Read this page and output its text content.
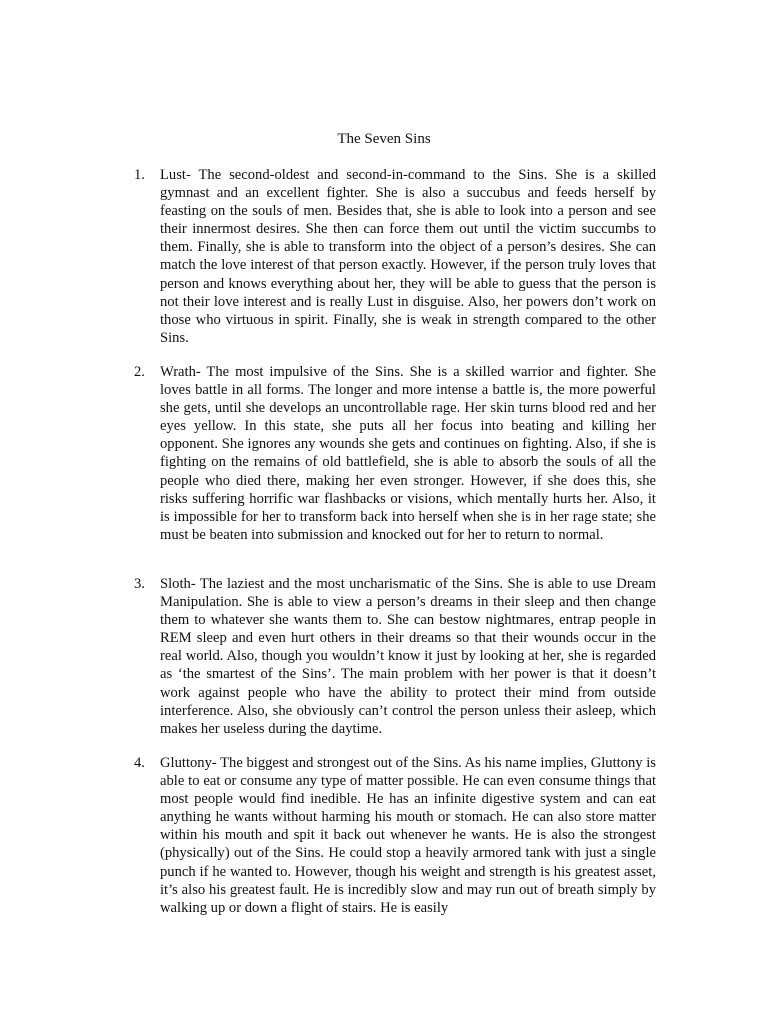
The Seven Sins
1. Lust- The second-oldest and second-in-command to the Sins. She is a skilled gymnast and an excellent fighter. She is also a succubus and feeds herself by feasting on the souls of men. Besides that, she is able to look into a person and see their innermost desires. She then can force them out until the victim succumbs to them. Finally, she is able to transform into the object of a person’s desires. She can match the love interest of that person exactly. However, if the person truly loves that person and knows everything about her, they will be able to guess that the person is not their love interest and is really Lust in disguise. Also, her powers don’t work on those who virtuous in spirit. Finally, she is weak in strength compared to the other Sins.
2. Wrath- The most impulsive of the Sins. She is a skilled warrior and fighter. She loves battle in all forms. The longer and more intense a battle is, the more powerful she gets, until she develops an uncontrollable rage. Her skin turns blood red and her eyes yellow. In this state, she puts all her focus into beating and killing her opponent. She ignores any wounds she gets and continues on fighting. Also, if she is fighting on the remains of old battlefield, she is able to absorb the souls of all the people who died there, making her even stronger. However, if she does this, she risks suffering horrific war flashbacks or visions, which mentally hurts her. Also, it is impossible for her to transform back into herself when she is in her rage state; she must be beaten into submission and knocked out for her to return to normal.
3. Sloth- The laziest and the most uncharismatic of the Sins. She is able to use Dream Manipulation. She is able to view a person’s dreams in their sleep and then change them to whatever she wants them to. She can bestow nightmares, entrap people in REM sleep and even hurt others in their dreams so that their wounds occur in the real world. Also, though you wouldn’t know it just by looking at her, she is regarded as ‘the smartest of the Sins’. The main problem with her power is that it doesn’t work against people who have the ability to protect their mind from outside interference. Also, she obviously can’t control the person unless their asleep, which makes her useless during the daytime.
4. Gluttony- The biggest and strongest out of the Sins. As his name implies, Gluttony is able to eat or consume any type of matter possible. He can even consume things that most people would find inedible. He has an infinite digestive system and can eat anything he wants without harming his mouth or stomach. He can also store matter within his mouth and spit it back out whenever he wants. He is also the strongest (physically) out of the Sins. He could stop a heavily armored tank with just a single punch if he wanted to. However, though his weight and strength is his greatest asset, it’s also his greatest fault. He is incredibly slow and may run out of breath simply by walking up or down a flight of stairs. He is easily
